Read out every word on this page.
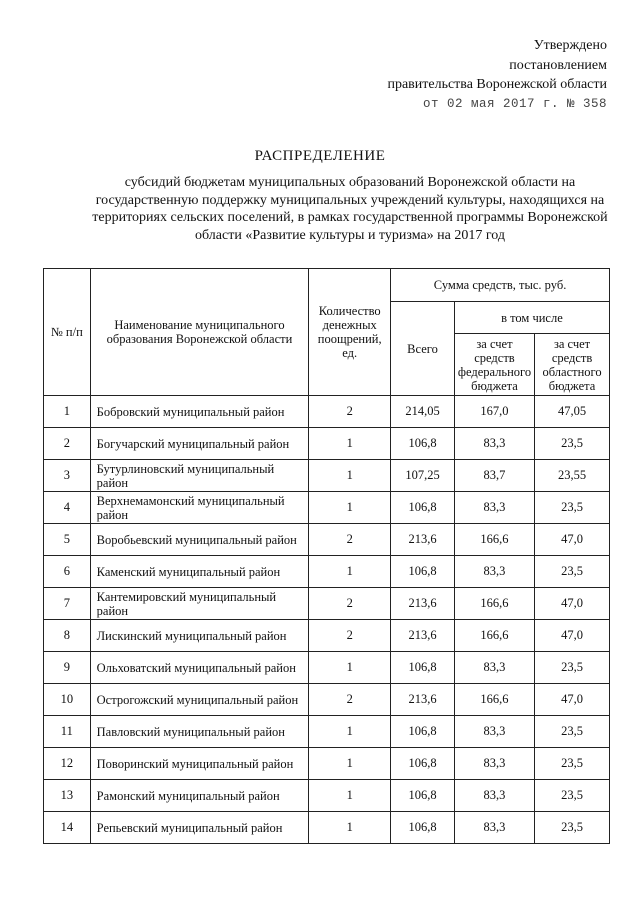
Утверждено
постановлением
правительства Воронежской области
от 02 мая 2017 г. № 358
РАСПРЕДЕЛЕНИЕ
субсидий бюджетам муниципальных образований Воронежской области на государственную поддержку муниципальных учреждений культуры, находящихся на территориях сельских поселений, в рамках государственной программы Воронежской области «Развитие культуры и туризма» на 2017 год
№ п/п	Наименование муниципального образования Воронежской области	Количество денежных поощрений, ед.	Сумма средств, тыс. руб.		
			Всего	в том числе	
				за счет средств федерального бюджета	за счет средств областного бюджета
1	Бобровский муниципальный район	2	214,05	167,0	47,05
2	Богучарский муниципальный район	1	106,8	83,3	23,5
3	Бутурлиновский муниципальный район	1	107,25	83,7	23,55
4	Верхнемамонский муниципальный район	1	106,8	83,3	23,5
5	Воробьевский муниципальный район	2	213,6	166,6	47,0
6	Каменский муниципальный район	1	106,8	83,3	23,5
7	Кантемировский муниципальный район	2	213,6	166,6	47,0
8	Лискинский муниципальный район	2	213,6	166,6	47,0
9	Ольховатский муниципальный район	1	106,8	83,3	23,5
10	Острогожский муниципальный район	2	213,6	166,6	47,0
11	Павловский муниципальный район	1	106,8	83,3	23,5
12	Поворинский муниципальный район	1	106,8	83,3	23,5
13	Рамонский муниципальный район	1	106,8	83,3	23,5
14	Репьевский муниципальный район	1	106,8	83,3	23,5
